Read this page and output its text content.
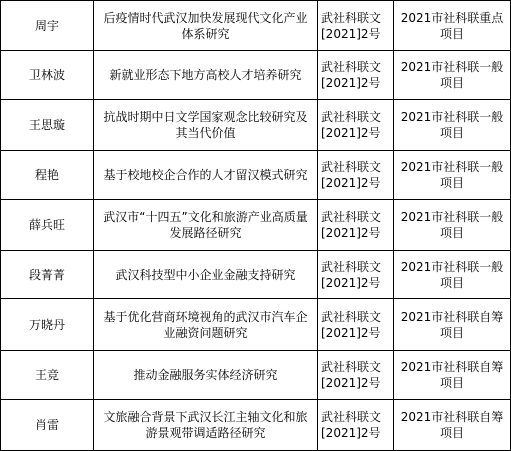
周宇	后疫情时代武汉加快发展现代文化产业体系研究	武社科联文[2021]2号	2021市社科联重点项目
卫林波	新就业形态下地方高校人才培养研究	武社科联文[2021]2号	2021市社科联一般项目
王思璇	抗战时期中日文学国家观念比较研究及其当代价值	武社科联文[2021]2号	2021市社科联一般项目
程艳	基于校地校企合作的人才留汉模式研究	武社科联文[2021]2号	2021市社科联一般项目
薛兵旺	武汉市“十四五”文化和旅游产业高质量发展路径研究	武社科联文[2021]2号	2021市社科联一般项目
段菁菁	武汉科技型中小企业金融支持研究	武社科联文[2021]2号	2021市社科联一般项目
万晓丹	基于优化营商环境视角的武汉市汽车企业融资问题研究	武社科联文[2021]2号	2021市社科联自筹项目
王竞	推动金融服务实体经济研究	武社科联文[2021]2号	2021市社科联自筹项目
肖雷	文旅融合背景下武汉长江主轴文化和旅游景观带调适路径研究	武社科联文[2021]2号	2021市社科联自筹项目
